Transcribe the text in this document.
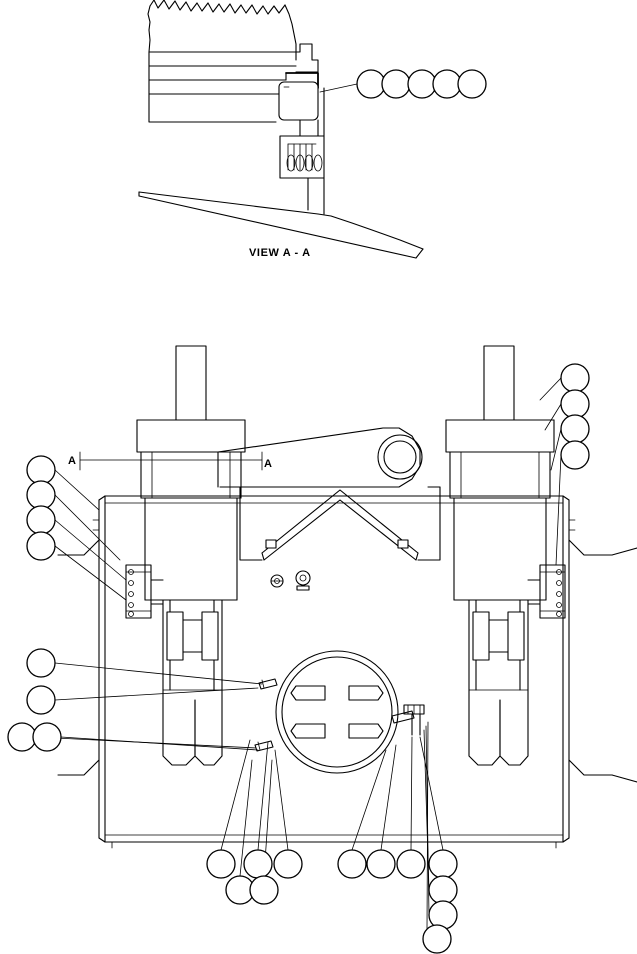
VIEW A - A
A	A
